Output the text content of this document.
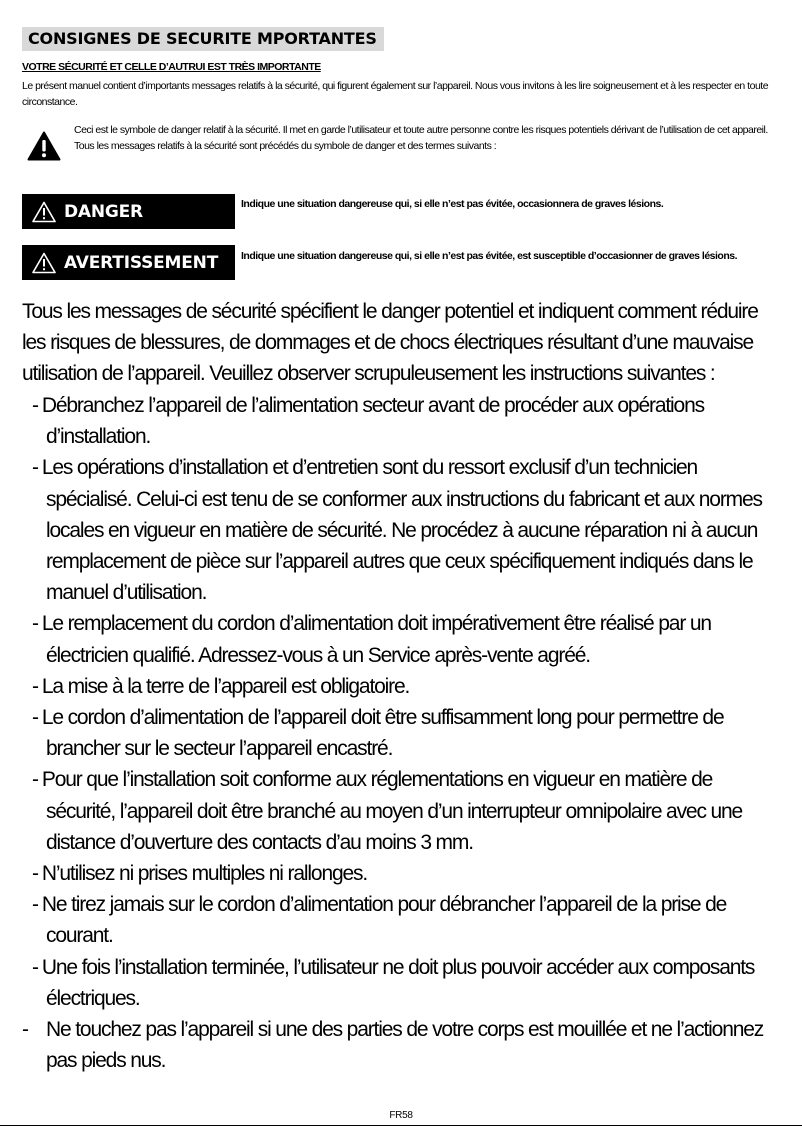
CONSIGNES DE SECURITE MPORTANTES
VOTRE SÉCURITÉ ET CELLE D’AUTRUI EST TRÈS IMPORTANTE
Le présent manuel contient d’importants messages relatifs à la sécurité, qui figurent également sur l’appareil. Nous vous invitons à les lire soigneusement et à les respecter en toute circonstance.
Ceci est le symbole de danger relatif à la sécurité. Il met en garde l’utilisateur et toute autre personne contre les risques potentiels dérivant de l’utilisation de cet appareil.
Tous les messages relatifs à la sécurité sont précédés du symbole de danger et des termes suivants :
DANGER	Indique une situation dangereuse qui, si elle n’est pas évitée, occasionnera de graves lésions.
AVERTISSEMENT Indique une situation dangereuse qui, si elle n’est pas évitée, est susceptible d’occasionner de graves lésions.
Tous les messages de sécurité spécifient le danger potentiel et indiquent comment réduire les risques de blessures, de dommages et de chocs électriques résultant d’une mauvaise utilisation de l’appareil. Veuillez observer scrupuleusement les instructions suivantes :
- Débranchez l’appareil de l’alimentation secteur avant de procéder aux opérations d’installation.
- Les opérations d’installation et d’entretien sont du ressort exclusif d’un technicien spécialisé. Celui-ci est tenu de se conformer aux instructions du fabricant et aux normes locales en vigueur en matière de sécurité. Ne procédez à aucune réparation ni à aucun remplacement de pièce sur l’appareil autres que ceux spécifiquement indiqués dans le manuel d’utilisation.
- Le remplacement du cordon d’alimentation doit impérativement être réalisé par un électricien qualifié. Adressez-vous à un Service après-vente agréé.
- La mise à la terre de l’appareil est obligatoire.
- Le cordon d’alimentation de l’appareil doit être suffisamment long pour permettre de brancher sur le secteur l’appareil encastré.
- Pour que l’installation soit conforme aux réglementations en vigueur en matière de sécurité, l’appareil doit être branché au moyen d’un interrupteur omnipolaire avec une distance d’ouverture des contacts d’au moins 3 mm.
- N’utilisez ni prises multiples ni rallonges.
- Ne tirez jamais sur le cordon d’alimentation pour débrancher l’appareil de la prise de courant.
- Une fois l’installation terminée, l’utilisateur ne doit plus pouvoir accéder aux composants électriques.
- Ne touchez pas l’appareil si une des parties de votre corps est mouillée et ne l’actionnez pas pieds nus.
FR58
